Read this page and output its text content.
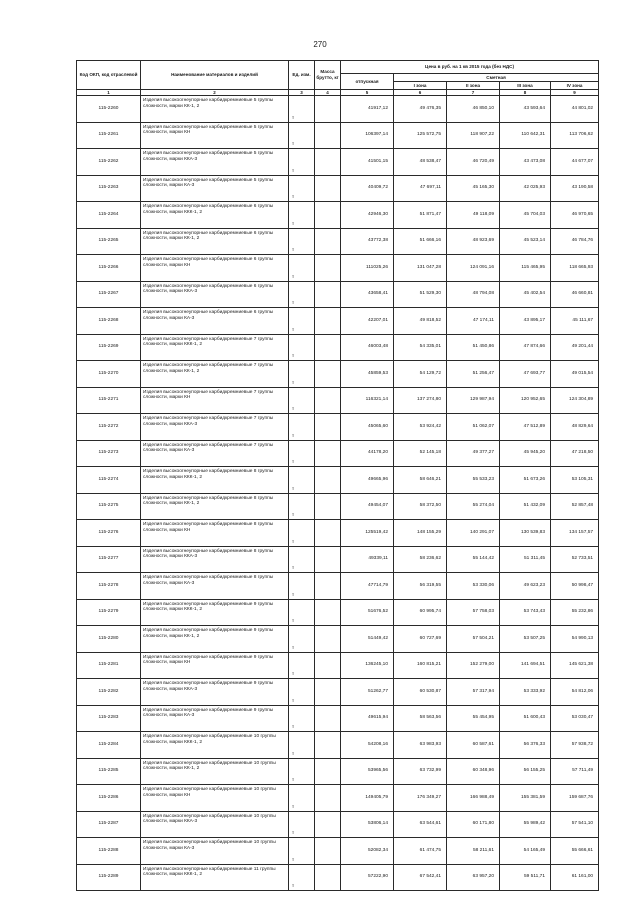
270
Код ОКП, код отраслевой	Наименование материалов и изделий	Ед. изм.	Масса брутто, кг	Цена в руб. на 1 кв 2015 года (без НДС)				
				отпускная	Сметная			
					I зона	II зона	III зона	IV зона
1	2	3	4	5	6	7	8	9
115-2260	Изделия высокоогнеупорные карбидкремниевые 5 группы сложности, марки КК-1, 2	т		41917,12	49 476,35	46 850,10	43 593,64	44 801,02
115-2261	Изделия высокоогнеупорные карбидкремниевые 5 группы сложности, марки КН	т		106397,14	125 572,75	118 907,22	110 642,31	113 706,62
115-2262	Изделия высокоогнеупорные карбидкремниевые 5 группы сложности, марки ККА-3	т		41501,15	48 538,47	46 720,49	43 473,08	44 677,07
115-2263	Изделия высокоогнеупорные карбидкремниевые 5 группы сложности, марки КА-3	т		40409,72	47 697,11	45 165,30	42 025,93	43 190,58
115-2264	Изделия высокоогнеупорные карбидкремниевые 6 группы сложности, марки ККК-1, 2	т		42946,30	51 871,47	49 118,09	45 704,03	46 970,65
115-2265	Изделия высокоогнеупорные карбидкремниевые 6 группы сложности, марки КК-1, 2	т		43772,38	51 666,16	48 923,69	45 523,14	46 784,76
115-2266	Изделия высокоогнеупорные карбидкремниевые 6 группы сложности, марки КН	т		111025,26	131 047,28	124 091,16	115 465,95	118 665,93
115-2267	Изделия высокоогнеупорные карбидкремниевые 6 группы сложности, марки ККА-3	т		43658,41	51 529,30	48 794,08	45 402,54	46 660,81
115-2268	Изделия высокоогнеупорные карбидкремниевые 6 группы сложности, марки КА-3	т		42207,01	49 818,52	47 174,11	43 895,17	45 111,67
115-2269	Изделия высокоогнеупорные карбидкремниевые 7 группы сложности, марки ККК-1, 2	т		46003,48	54 335,01	51 450,86	47 874,66	49 201,44
115-2270	Изделия высокоогнеупорные карбидкремниевые 7 группы сложности, марки КК-1, 2	т		45859,53	54 129,72	51 256,47	47 693,77	49 015,54
115-2271	Изделия высокоогнеупорные карбидкремниевые 7 группы сложности, марки КН	т		116321,14	137 274,80	129 987,94	120 952,65	124 304,89
115-2272	Изделия высокоогнеупорные карбидкремниевые 7 группы сложности, марки ККА-3	т		45065,60	53 924,42	51 062,07	47 512,89	48 829,64
115-2273	Изделия высокоогнеупорные карбидкремниевые 7 группы сложности, марки КА-3	т		44178,20	52 145,18	49 377,27	45 945,20	47 218,50
115-2274	Изделия высокоогнеупорные карбидкремниевые 8 группы сложности, марки ККК-1, 2	т		49665,96	58 646,21	55 533,23	51 673,26	53 105,31
115-2275	Изделия высокоогнеупорные карбидкремниевые 8 группы сложности, марки КК-1, 2	т		49454,07	58 372,50	55 274,04	51 432,09	52 857,48
115-2276	Изделия высокоогнеупорные карбидкремниевые 8 группы сложности, марки КН	т		125519,42	148 155,29	140 291,07	130 539,83	134 157,57
115-2277	Изделия высокоогнеупорные карбидкремниевые 8 группы сложности, марки ККА-3	т		49339,11	58 236,62	55 144,42	51 311,45	52 733,51
115-2278	Изделия высокоогнеупорные карбидкремниевые 8 группы сложности, марки КА-3	т		47714,79	56 319,55	53 330,06	49 623,23	50 998,47
115-2279	Изделия высокоогнеупорные карбидкремниевые 9 группы сложности, марки ККК-1, 2	т		51676,52	60 995,74	57 758,03	53 743,43	55 232,86
115-2280	Изделия высокоогнеупорные карбидкремниевые 9 группы сложности, марки КК-1, 2	т		51449,42	60 727,69	57 504,21	53 507,25	54 990,13
115-2281	Изделия высокоогнеупорные карбидкремниевые 9 группы сложности, марки КН	т		136245,10	160 815,21	152 279,00	141 694,51	145 621,38
115-2282	Изделия высокоогнеупорные карбидкремниевые 9 группы сложности, марки ККА-3	т		51262,77	60 530,87	57 317,94	53 333,92	54 812,06
115-2283	Изделия высокоогнеупорные карбидкремниевые 9 группы сложности, марки КА-3	т		49615,94	58 563,56	55 454,95	51 600,43	53 030,47
115-2284	Изделия высокоогнеупорные карбидкремниевые 10 группы сложности, марки ККК-1, 2	т		54208,16	63 983,93	60 587,61	56 376,33	57 938,72
115-2285	Изделия высокоогнеупорные карбидкремниевые 10 группы сложности, марки КК-1, 2	т		53965,56	63 732,99	60 348,96	56 155,25	57 711,49
115-2286	Изделия высокоогнеупорные карбидкремниевые 10 группы сложности, марки КН	т		149405,79	176 349,27	166 988,49	155 381,59	159 687,76
115-2287	Изделия высокоогнеупорные карбидкремниевые 10 группы сложности, марки ККА-3	т		53806,14	63 544,61	60 171,80	55 989,42	57 541,10
115-2288	Изделия высокоогнеупорные карбидкремниевые 10 группы сложности, марки КА-3	т		52082,34	61 474,75	58 211,61	54 165,49	55 666,61
115-2289	Изделия высокоогнеупорные карбидкремниевые 11 группы сложности, марки ККК-1, 2	т		57222,90	67 542,41	63 957,20	59 511,71	61 161,00
